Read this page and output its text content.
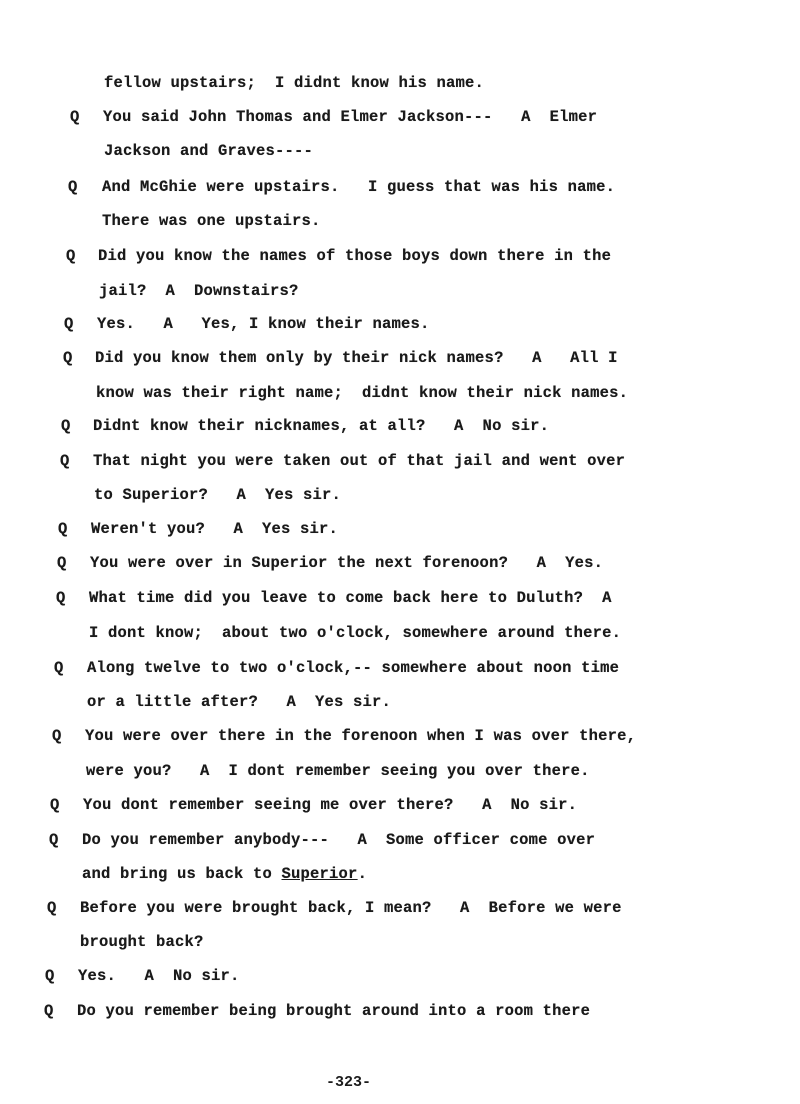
fellow upstairs;  I didnt know his name.
Q You said John Thomas and Elmer Jackson---   A  Elmer
Jackson and Graves----
Q And McGhie were upstairs.   I guess that was his name.
There was one upstairs.
Q Did you know the names of those boys down there in the
jail?  A  Downstairs?
Q Yes.   A   Yes, I know their names.
Q Did you know them only by their nick names?   A   All I
know was their right name;  didnt know their nick names.
Q Didnt know their nicknames, at all?   A  No sir.
Q That night you were taken out of that jail and went over
to Superior?   A  Yes sir.
Q Weren't you?   A  Yes sir.
Q You were over in Superior the next forenoon?   A  Yes.
Q What time did you leave to come back here to Duluth?  A
I dont know;  about two o'clock, somewhere around there.
Q Along twelve to two o'clock,-- somewhere about noon time
or a little after?   A  Yes sir.
Q You were over there in the forenoon when I was over there,
were you?   A  I dont remember seeing you over there.
Q You dont remember seeing me over there?   A  No sir.
Q Do you remember anybody---   A  Some officer come over
and bring us back to Superior.
Q Before you were brought back, I mean?   A  Before we were
brought back?
Q Yes.   A  No sir.
Q Do you remember being brought around into a room there
-323-
